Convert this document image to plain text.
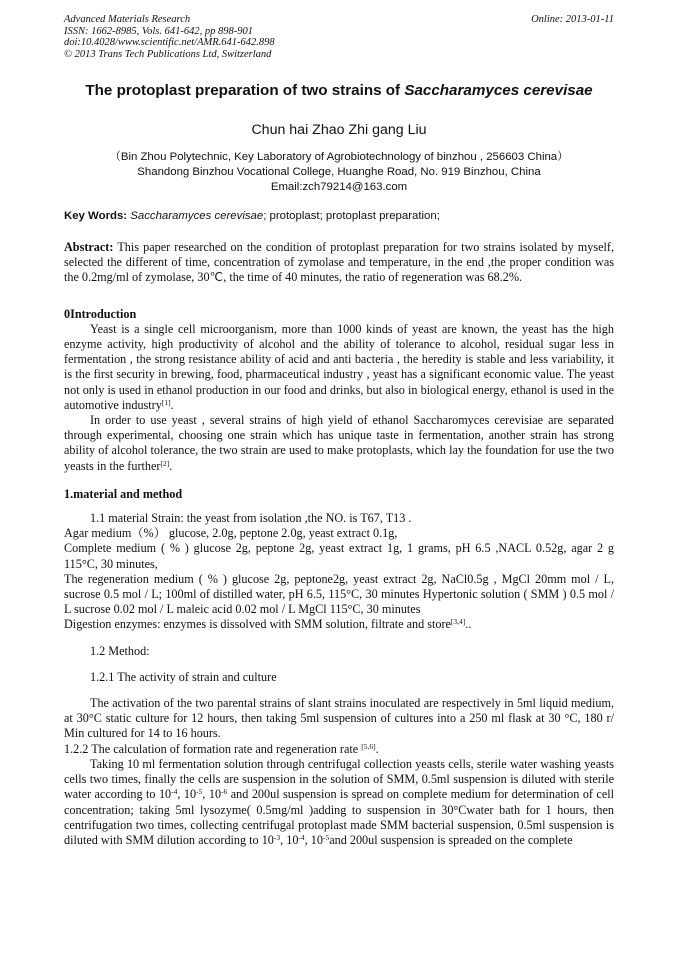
Advanced Materials Research
ISSN: 1662-8985, Vols. 641-642, pp 898-901
doi:10.4028/www.scientific.net/AMR.641-642.898
© 2013 Trans Tech Publications Ltd, Switzerland
Online: 2013-01-11
The protoplast preparation of two strains of Saccharamyces cerevisae
Chun hai Zhao Zhi gang Liu
（Bin Zhou Polytechnic, Key Laboratory of Agrobiotechnology of binzhou , 256603 China）
Shandong Binzhou Vocational College, Huanghe Road, No. 919 Binzhou, China
Email:zch79214@163.com
Key Words: Saccharamyces cerevisae; protoplast; protoplast preparation;

Abstract: This paper researched on the condition of protoplast preparation for two strains isolated by myself, selected the different of time, concentration of zymolase and temperature, in the end ,the proper condition was the 0.2mg/ml of zymolase, 30℃, the time of 40 minutes, the ratio of regeneration was 68.2%.

0Introduction

Yeast is a single cell microorganism, more than 1000 kinds of yeast are known, the yeast has the high enzyme activity, high productivity of alcohol and the ability of tolerance to alcohol, residual sugar less in fermentation , the strong resistance ability of acid and anti bacteria , the heredity is stable and less variability, it is the first security in brewing, food, pharmaceutical industry , yeast has a significant economic value. The yeast not only is used in ethanol production in our food and drinks, but also in biological energy, ethanol is used in the automotive industry[1].

In order to use yeast , several strains of high yield of ethanol Saccharomyces cerevisiae are separated through experimental, choosing one strain which has unique taste in fermentation, another strain has strong ability of alcohol tolerance, the two strain are used to make protoplasts, which lay the foundation for use the two yeasts in the further[2].

1.material and method

1.1 material Strain: the yeast from isolation ,the NO. is T67, T13 .

Agar medium（%） glucose, 2.0g, peptone 2.0g, yeast extract 0.1g,

Complete medium ( % ) glucose 2g, peptone 2g, yeast extract 1g, 1 grams, pH 6.5 ,NACL 0.52g, agar 2 g 115°C, 30 minutes,

The regeneration medium ( % ) glucose 2g, peptone2g, yeast extract 2g, NaCl0.5g , MgCl 20mm mol / L, sucrose 0.5 mol / L; 100ml of distilled water, pH 6.5, 115°C, 30 minutes Hypertonic solution ( SMM ) 0.5 mol / L sucrose 0.02 mol / L maleic acid 0.02 mol / L MgCl 115°C, 30 minutes

Digestion enzymes: enzymes is dissolved with SMM solution, filtrate and store[3,4]..

1.2 Method:

1.2.1 The activity of strain and culture

The activation of the two parental strains of slant strains inoculated are respectively in 5ml liquid medium, at 30°C static culture for 12 hours, then taking 5ml suspension of cultures into a 250 ml flask at 30 °C, 180 r/ Min cultured for 14 to 16 hours.

1.2.2 The calculation of formation rate and regeneration rate [5,6].

Taking 10 ml fermentation solution through centrifugal collection yeasts cells, sterile water washing yeasts cells two times, finally the cells are suspension in the solution of SMM, 0.5ml suspension is diluted with sterile water according to $10^{-4}$, $10^{-5}$, $10^{-6}$ and 200ul suspension is spread on complete medium for determination of cell concentration; taking 5ml lysozyme( 0.5mg/ml )adding to suspension in 30°Cwater bath for 1 hours, then centrifugation two times, collecting centrifugal protoplast made SMM bacterial suspension, 0.5ml suspension is diluted with SMM dilution according to $10^{-3}$, $10^{-4}$, $10^{-5}and$ 200ul suspension is spreaded on the complete
